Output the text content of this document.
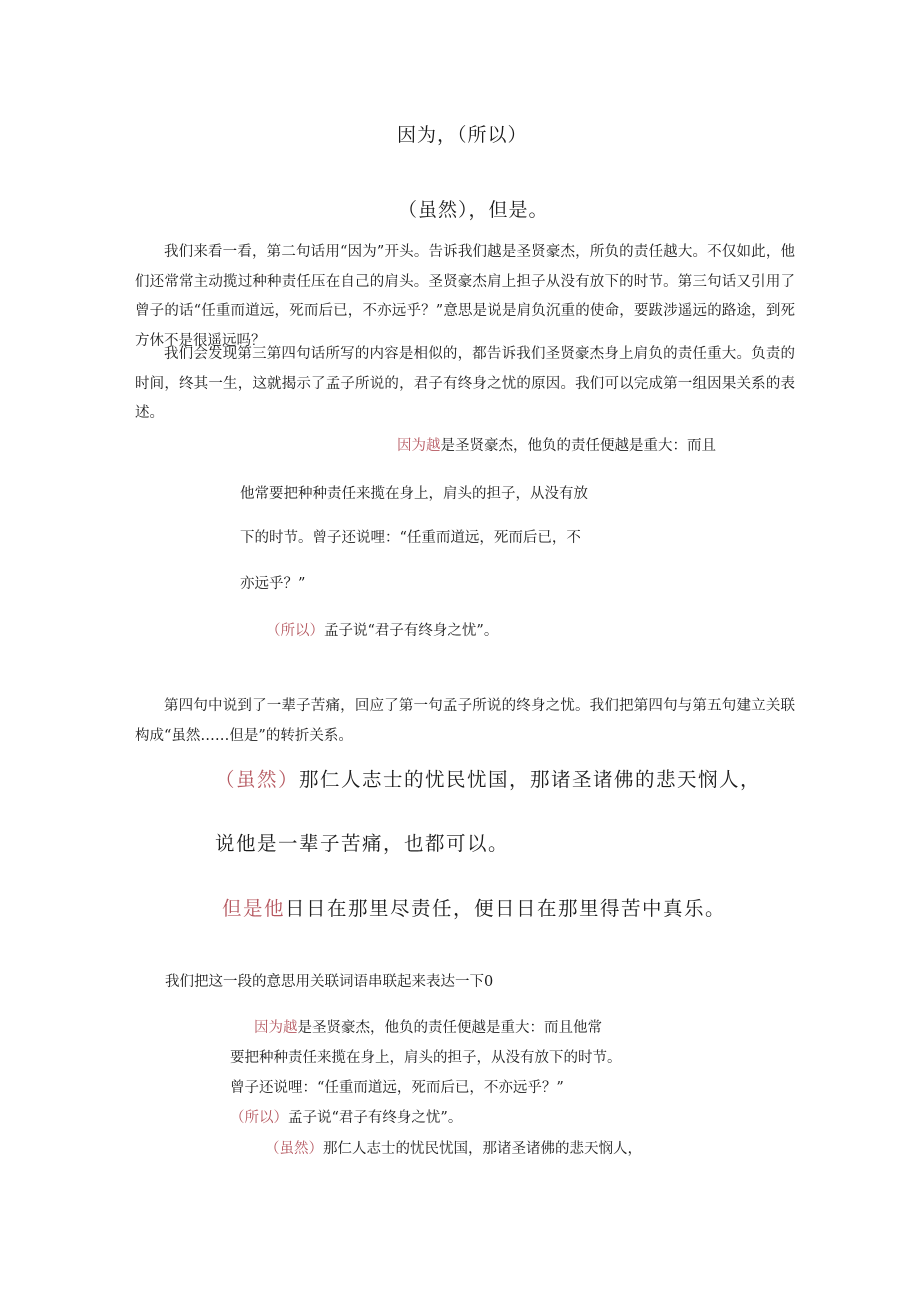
因为，（所以）
（虽然），但是。

我们来看一看，第二句话用“因为”开头。告诉我们越是圣贤豪杰，所负的责任越大。不仅如此，他们还常常主动揽过种种责任压在自己的肩头。圣贤豪杰肩上担子从没有放下的时节。第三句话又引用了曾子的话“任重而道远，死而后已，不亦远乎？”意思是说是肩负沉重的使命，要跋涉遥远的路途，到死方休不是很遥远吗？

我们会发现第三第四句话所写的内容是相似的，都告诉我们圣贤豪杰身上肩负的责任重大。负责的时间，终其一生，这就揭示了孟子所说的，君子有终身之忧的原因。我们可以完成第一组因果关系的表述。

因为越是圣贤豪杰，他负的责任便越是重大：而且
他常要把种种责任来揽在身上，肩头的担子，从没有放
下的时节。曾子还说哩：“任重而道远，死而后已，不
亦远乎？”
（所以）孟子说“君子有终身之忧”。

第四句中说到了一辈子苦痛，回应了第一句孟子所说的终身之忧。我们把第四句与第五句建立关联构成“虽然……但是”的转折关系。

（虽然）那仁人志士的忧民忧国，那诸圣诸佛的悲天悯人，
说他是一辈子苦痛，也都可以。
但是他日日在那里尽责任，便日日在那里得苦中真乐。
我们把这一段的意思用关联词语串联起来表达一下0
因为越是圣贤豪杰，他负的责任便越是重大：而且他常
要把种种责任来揽在身上，肩头的担子，从没有放下的时节。
曾子还说哩：“任重而道远，死而后已，不亦远乎？”
（所以）孟子说“君子有终身之忧”。
（虽然）那仁人志士的忧民忧国，那诸圣诸佛的悲天悯人，
